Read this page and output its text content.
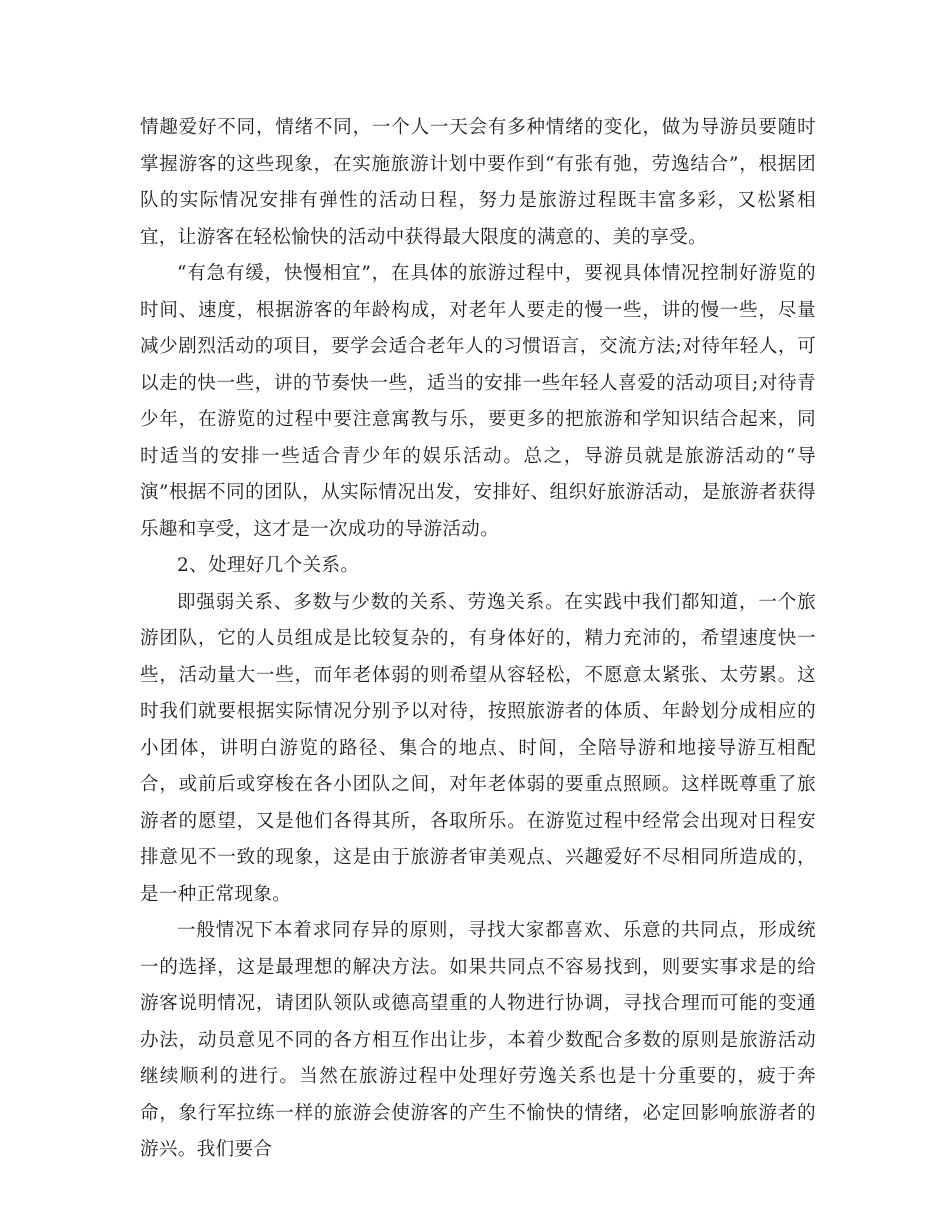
情趣爱好不同，情绪不同，一个人一天会有多种情绪的变化，做为导游员要随时掌握游客的这些现象，在实施旅游计划中要作到“有张有弛，劳逸结合”，根据团队的实际情况安排有弹性的活动日程，努力是旅游过程既丰富多彩，又松紧相宜，让游客在轻松愉快的活动中获得最大限度的满意的、美的享受。

“有急有缓，快慢相宜”，在具体的旅游过程中，要视具体情况控制好游览的时间、速度，根据游客的年龄构成，对老年人要走的慢一些，讲的慢一些，尽量减少剧烈活动的项目，要学会适合老年人的习惯语言，交流方法;对待年轻人，可以走的快一些，讲的节奏快一些，适当的安排一些年轻人喜爱的活动项目;对待青少年，在游览的过程中要注意寓教与乐，要更多的把旅游和学知识结合起来，同时适当的安排一些适合青少年的娱乐活动。总之，导游员就是旅游活动的“导演”根据不同的团队，从实际情况出发，安排好、组织好旅游活动，是旅游者获得乐趣和享受，这才是一次成功的导游活动。

2、处理好几个关系。

即强弱关系、多数与少数的关系、劳逸关系。在实践中我们都知道，一个旅游团队，它的人员组成是比较复杂的，有身体好的，精力充沛的，希望速度快一些，活动量大一些，而年老体弱的则希望从容轻松，不愿意太紧张、太劳累。这时我们就要根据实际情况分别予以对待，按照旅游者的体质、年龄划分成相应的小团体，讲明白游览的路径、集合的地点、时间，全陪导游和地接导游互相配合，或前后或穿梭在各小团队之间，对年老体弱的要重点照顾。这样既尊重了旅游者的愿望，又是他们各得其所，各取所乐。在游览过程中经常会出现对日程安排意见不一致的现象，这是由于旅游者审美观点、兴趣爱好不尽相同所造成的，是一种正常现象。

一般情况下本着求同存异的原则，寻找大家都喜欢、乐意的共同点，形成统一的选择，这是最理想的解决方法。如果共同点不容易找到，则要实事求是的给游客说明情况，请团队领队或德高望重的人物进行协调，寻找合理而可能的变通办法，动员意见不同的各方相互作出让步，本着少数配合多数的原则是旅游活动继续顺利的进行。当然在旅游过程中处理好劳逸关系也是十分重要的，疲于奔命，象行军拉练一样的旅游会使游客的产生不愉快的情绪，必定回影响旅游者的游兴。我们要合
